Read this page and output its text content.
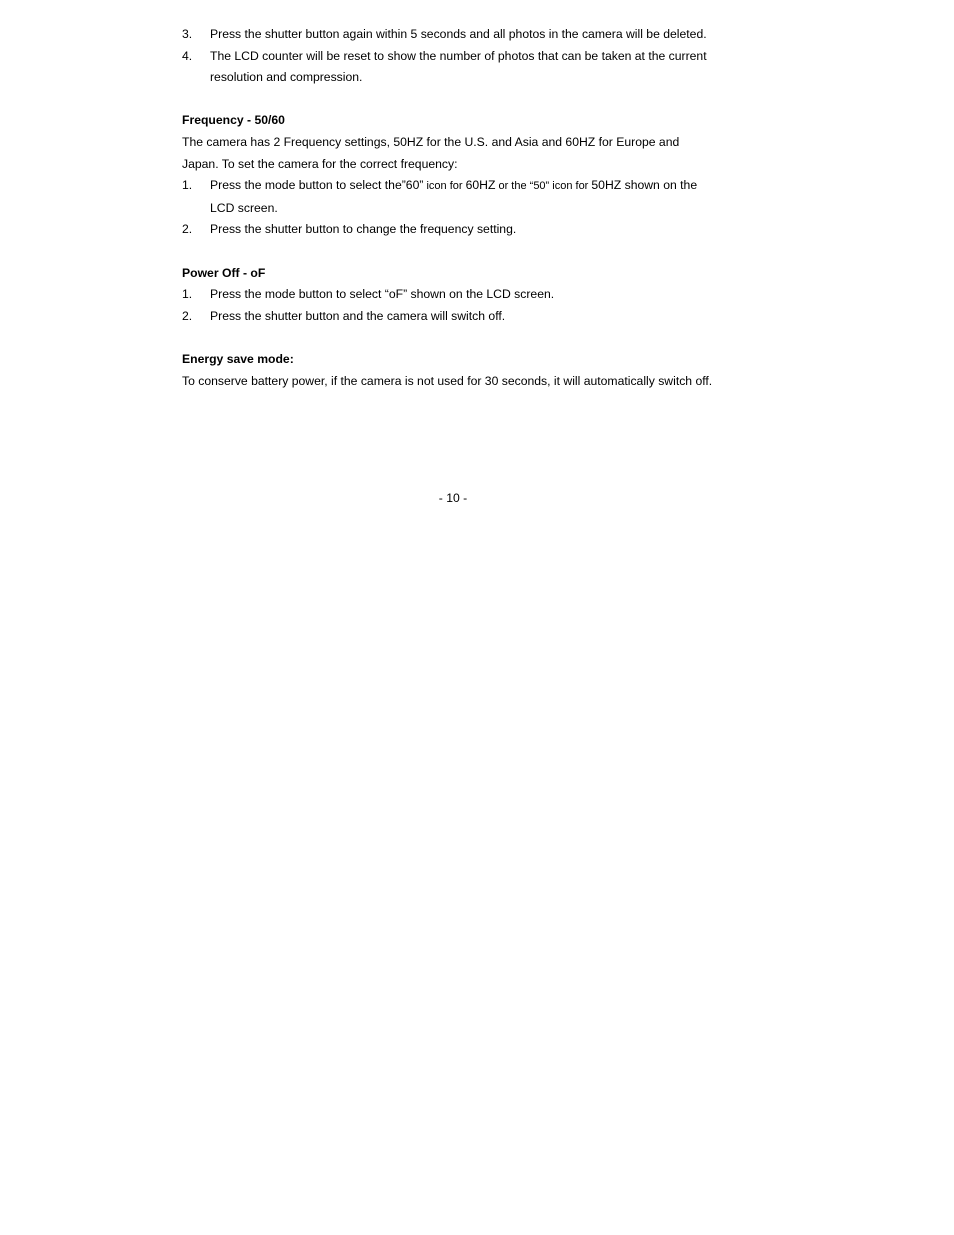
3.	Press the shutter button again within 5 seconds and all photos in the camera will be deleted.
4.	The LCD counter will be reset to show the number of photos that can be taken at the current
resolution and compression.
Frequency - 50/60
The camera has 2 Frequency settings, 50HZ for the U.S. and Asia and 60HZ for Europe and
Japan. To set the camera for the correct frequency:
1.	Press the mode button to select the”60” icon for 60HZ or the “50” icon for 50HZ shown on the
LCD screen.
2.	Press the shutter button to change the frequency setting.
Power Off - oF
1.	Press the mode button to select “oF” shown on the LCD screen.
2.	Press the shutter button and the camera will switch off.
Energy save mode:
To conserve battery power, if the camera is not used for 30 seconds, it will automatically switch off.
- 10 -
